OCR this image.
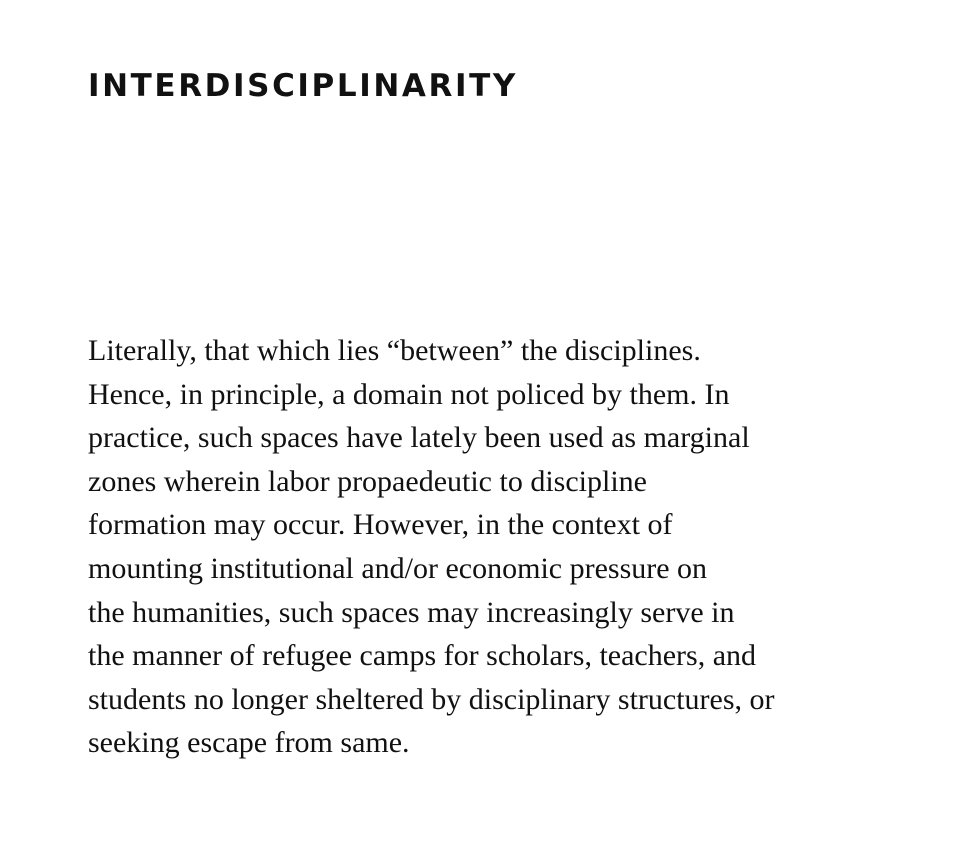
INTERDISCIPLINARITY

Literally, that which lies “between” the disciplines.
Hence, in principle, a domain not policed by them. In
practice, such spaces have lately been used as marginal
zones wherein labor propaedeutic to discipline
formation may occur. However, in the context of
mounting institutional and/or economic pressure on
the humanities, such spaces may increasingly serve in
the manner of refugee camps for scholars, teachers, and
students no longer sheltered by disciplinary structures, or
seeking escape from same.
